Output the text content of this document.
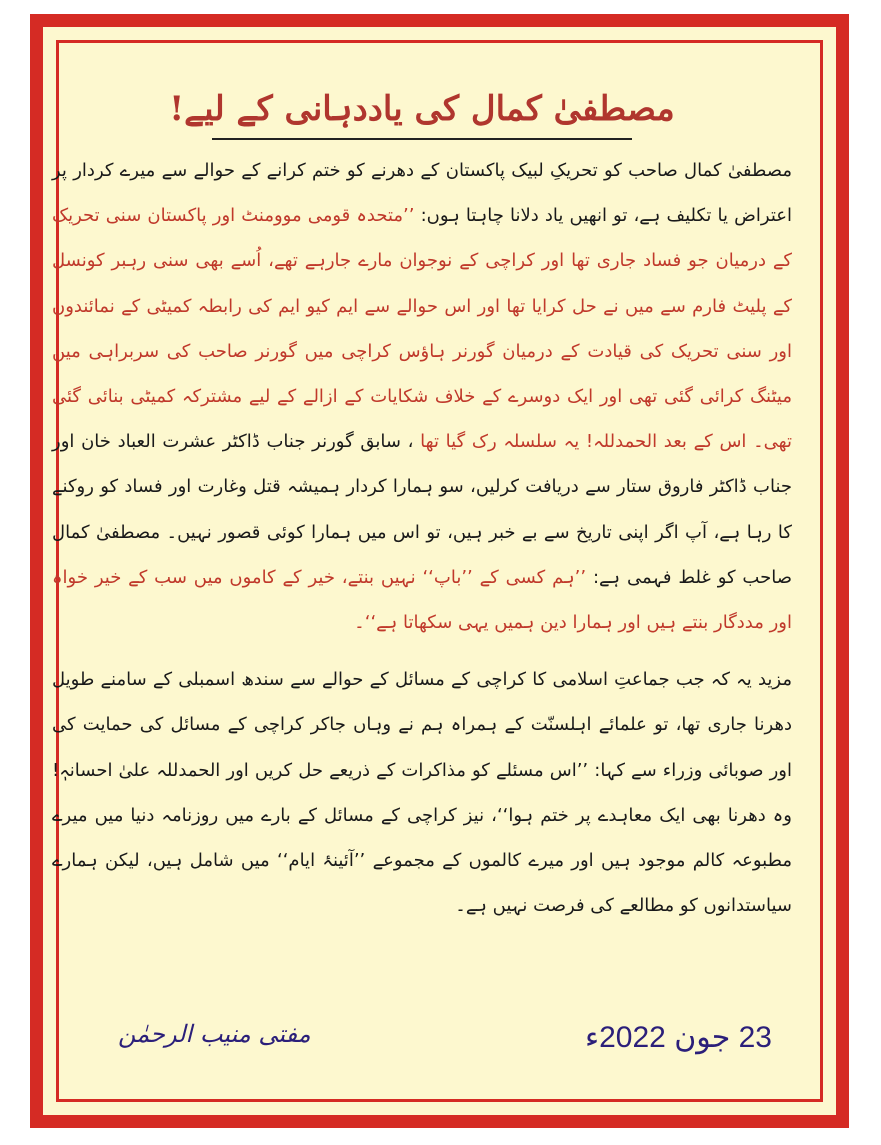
مصطفیٰ کمال کی یاددہانی کے لیے!

مصطفیٰ کمال صاحب کو تحریکِ لبیک پاکستان کے دھرنے کو ختم کرانے کے حوالے سے میرے کردار پر اعتراض یا تکلیف ہے، تو انھیں یاد دلانا چاہتا ہوں: ’’متحدہ قومی موومنٹ اور پاکستان سنی تحریک کے درمیان جو فساد جاری تھا اور کراچی کے نوجوان مارے جارہے تھے، اُسے بھی سنی رہبر کونسل کے پلیٹ فارم سے میں نے حل کرایا تھا اور اس حوالے سے ایم کیو ایم کی رابطہ کمیٹی کے نمائندوں اور سنی تحریک کی قیادت کے درمیان گورنر ہاؤس کراچی میں گورنر صاحب کی سربراہی میں میٹنگ کرائی گئی تھی اور ایک دوسرے کے خلاف شکایات کے ازالے کے لیے مشترکہ کمیٹی بنائی گئی تھی۔ اس کے بعد الحمدللہ! یہ سلسلہ رک گیا تھا ، سابق گورنر جناب ڈاکٹر عشرت العباد خان اور جناب ڈاکٹر فاروق ستار سے دریافت کرلیں، سو ہمارا کردار ہمیشہ قتل وغارت اور فساد کو روکنے کا رہا ہے، آپ اگر اپنی تاریخ سے بے خبر ہیں، تو اس میں ہمارا کوئی قصور نہیں۔ مصطفیٰ کمال صاحب کو غلط فہمی ہے: ’’ہم کسی کے ’’باپ‘‘ نہیں بنتے، خیر کے کاموں میں سب کے خیر خواہ اور مددگار بنتے ہیں اور ہمارا دین ہمیں یہی سکھاتا ہے‘‘۔

مزید یہ کہ جب جماعتِ اسلامی کا کراچی کے مسائل کے حوالے سے سندھ اسمبلی کے سامنے طویل دھرنا جاری تھا، تو علمائے اہلسنّت کے ہمراہ ہم نے وہاں جاکر کراچی کے مسائل کی حمایت کی اور صوبائی وزراء سے کہا: ’’اس مسئلے کو مذاکرات کے ذریعے حل کریں اور الحمدللہ علیٰ احسانہٖ! وہ دھرنا بھی ایک معاہدے پر ختم ہوا‘‘، نیز کراچی کے مسائل کے بارے میں روزنامہ دنیا میں میرے مطبوعہ کالم موجود ہیں اور میرے کالموں کے مجموعے ’’آئینۂ ایام‘‘ میں شامل ہیں، لیکن ہمارے سیاستدانوں کو مطالعے کی فرصت نہیں ہے۔

مفتی منیب الرحمٰن	23 جون 2022ء
